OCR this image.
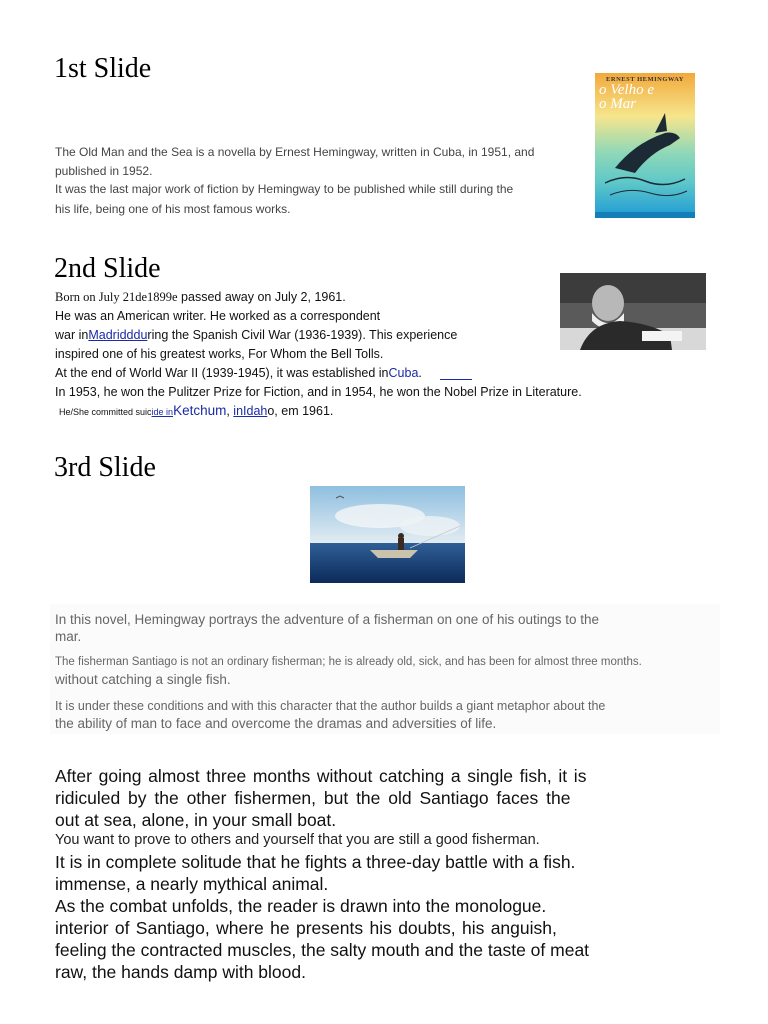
1st Slide
The Old Man and the Sea is a novella by Ernest Hemingway, written in Cuba, in 1951, and
published in 1952.
It was the last major work of fiction by Hemingway to be published while still during the
his life, being one of his most famous works.
ERNEST HEMINGWAY
o Velho e o Mar
2nd Slide
Born on July 21de1899e passed away on July 2, 1961.
He was an American writer. He worked as a correspondent
war inMadriddduring the Spanish Civil War (1936-1939). This experience
inspired one of his greatest works, For Whom the Bell Tolls.
At the end of World War II (1939-1945), it was established inCuba.
In 1953, he won the Pulitzer Prize for Fiction, and in 1954, he won the Nobel Prize in Literature.
He/She committed suicide inKetchum, inIdaho, em 1961.
3rd Slide
In this novel, Hemingway portrays the adventure of a fisherman on one of his outings to the
mar.
The fisherman Santiago is not an ordinary fisherman; he is already old, sick, and has been for almost three months.
without catching a single fish.
It is under these conditions and with this character that the author builds a giant metaphor about the
the ability of man to face and overcome the dramas and adversities of life.
After going almost three months without catching a single fish, it is
ridiculed by the other fishermen, but the old Santiago faces the
out at sea, alone, in your small boat.
You want to prove to others and yourself that you are still a good fisherman.
It is in complete solitude that he fights a three-day battle with a fish.
immense, a nearly mythical animal.
As the combat unfolds, the reader is drawn into the monologue.
interior of Santiago, where he presents his doubts, his anguish,
feeling the contracted muscles, the salty mouth and the taste of meat
raw, the hands damp with blood.
